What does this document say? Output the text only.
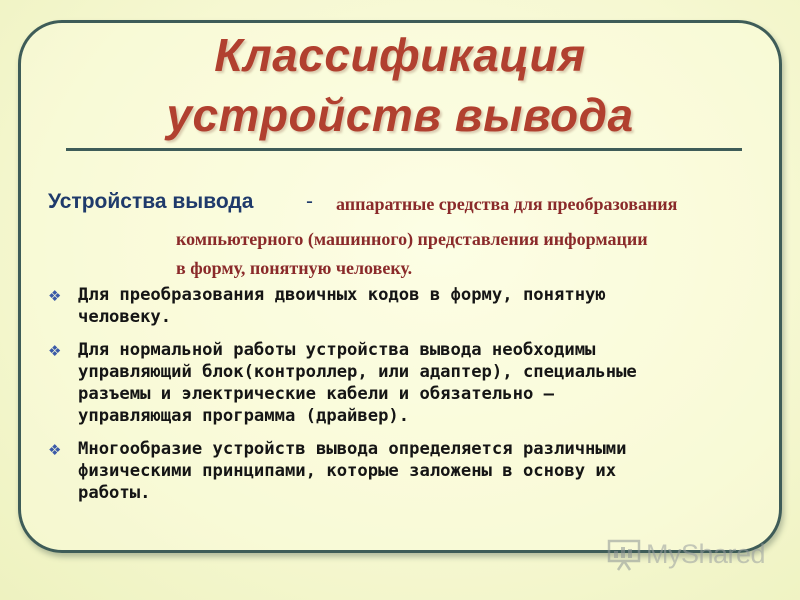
Классификация
устройств вывода
Устройства вывода	- аппаратные средства для преобразования
компьютерного (машинного) представления информации
в форму, понятную человеку.
❖ Для преобразования двоичных кодов в форму, понятную
человеку.
❖ Для нормальной работы устройства вывода необходимы
управляющий блок(контроллер, или адаптер), специальные
разъемы и электрические кабели и обязательно –
управляющая программа (драйвер).
❖ Многообразие устройств вывода определяется различными
физическими принципами, которые заложены в основу их
работы.
MyShared
